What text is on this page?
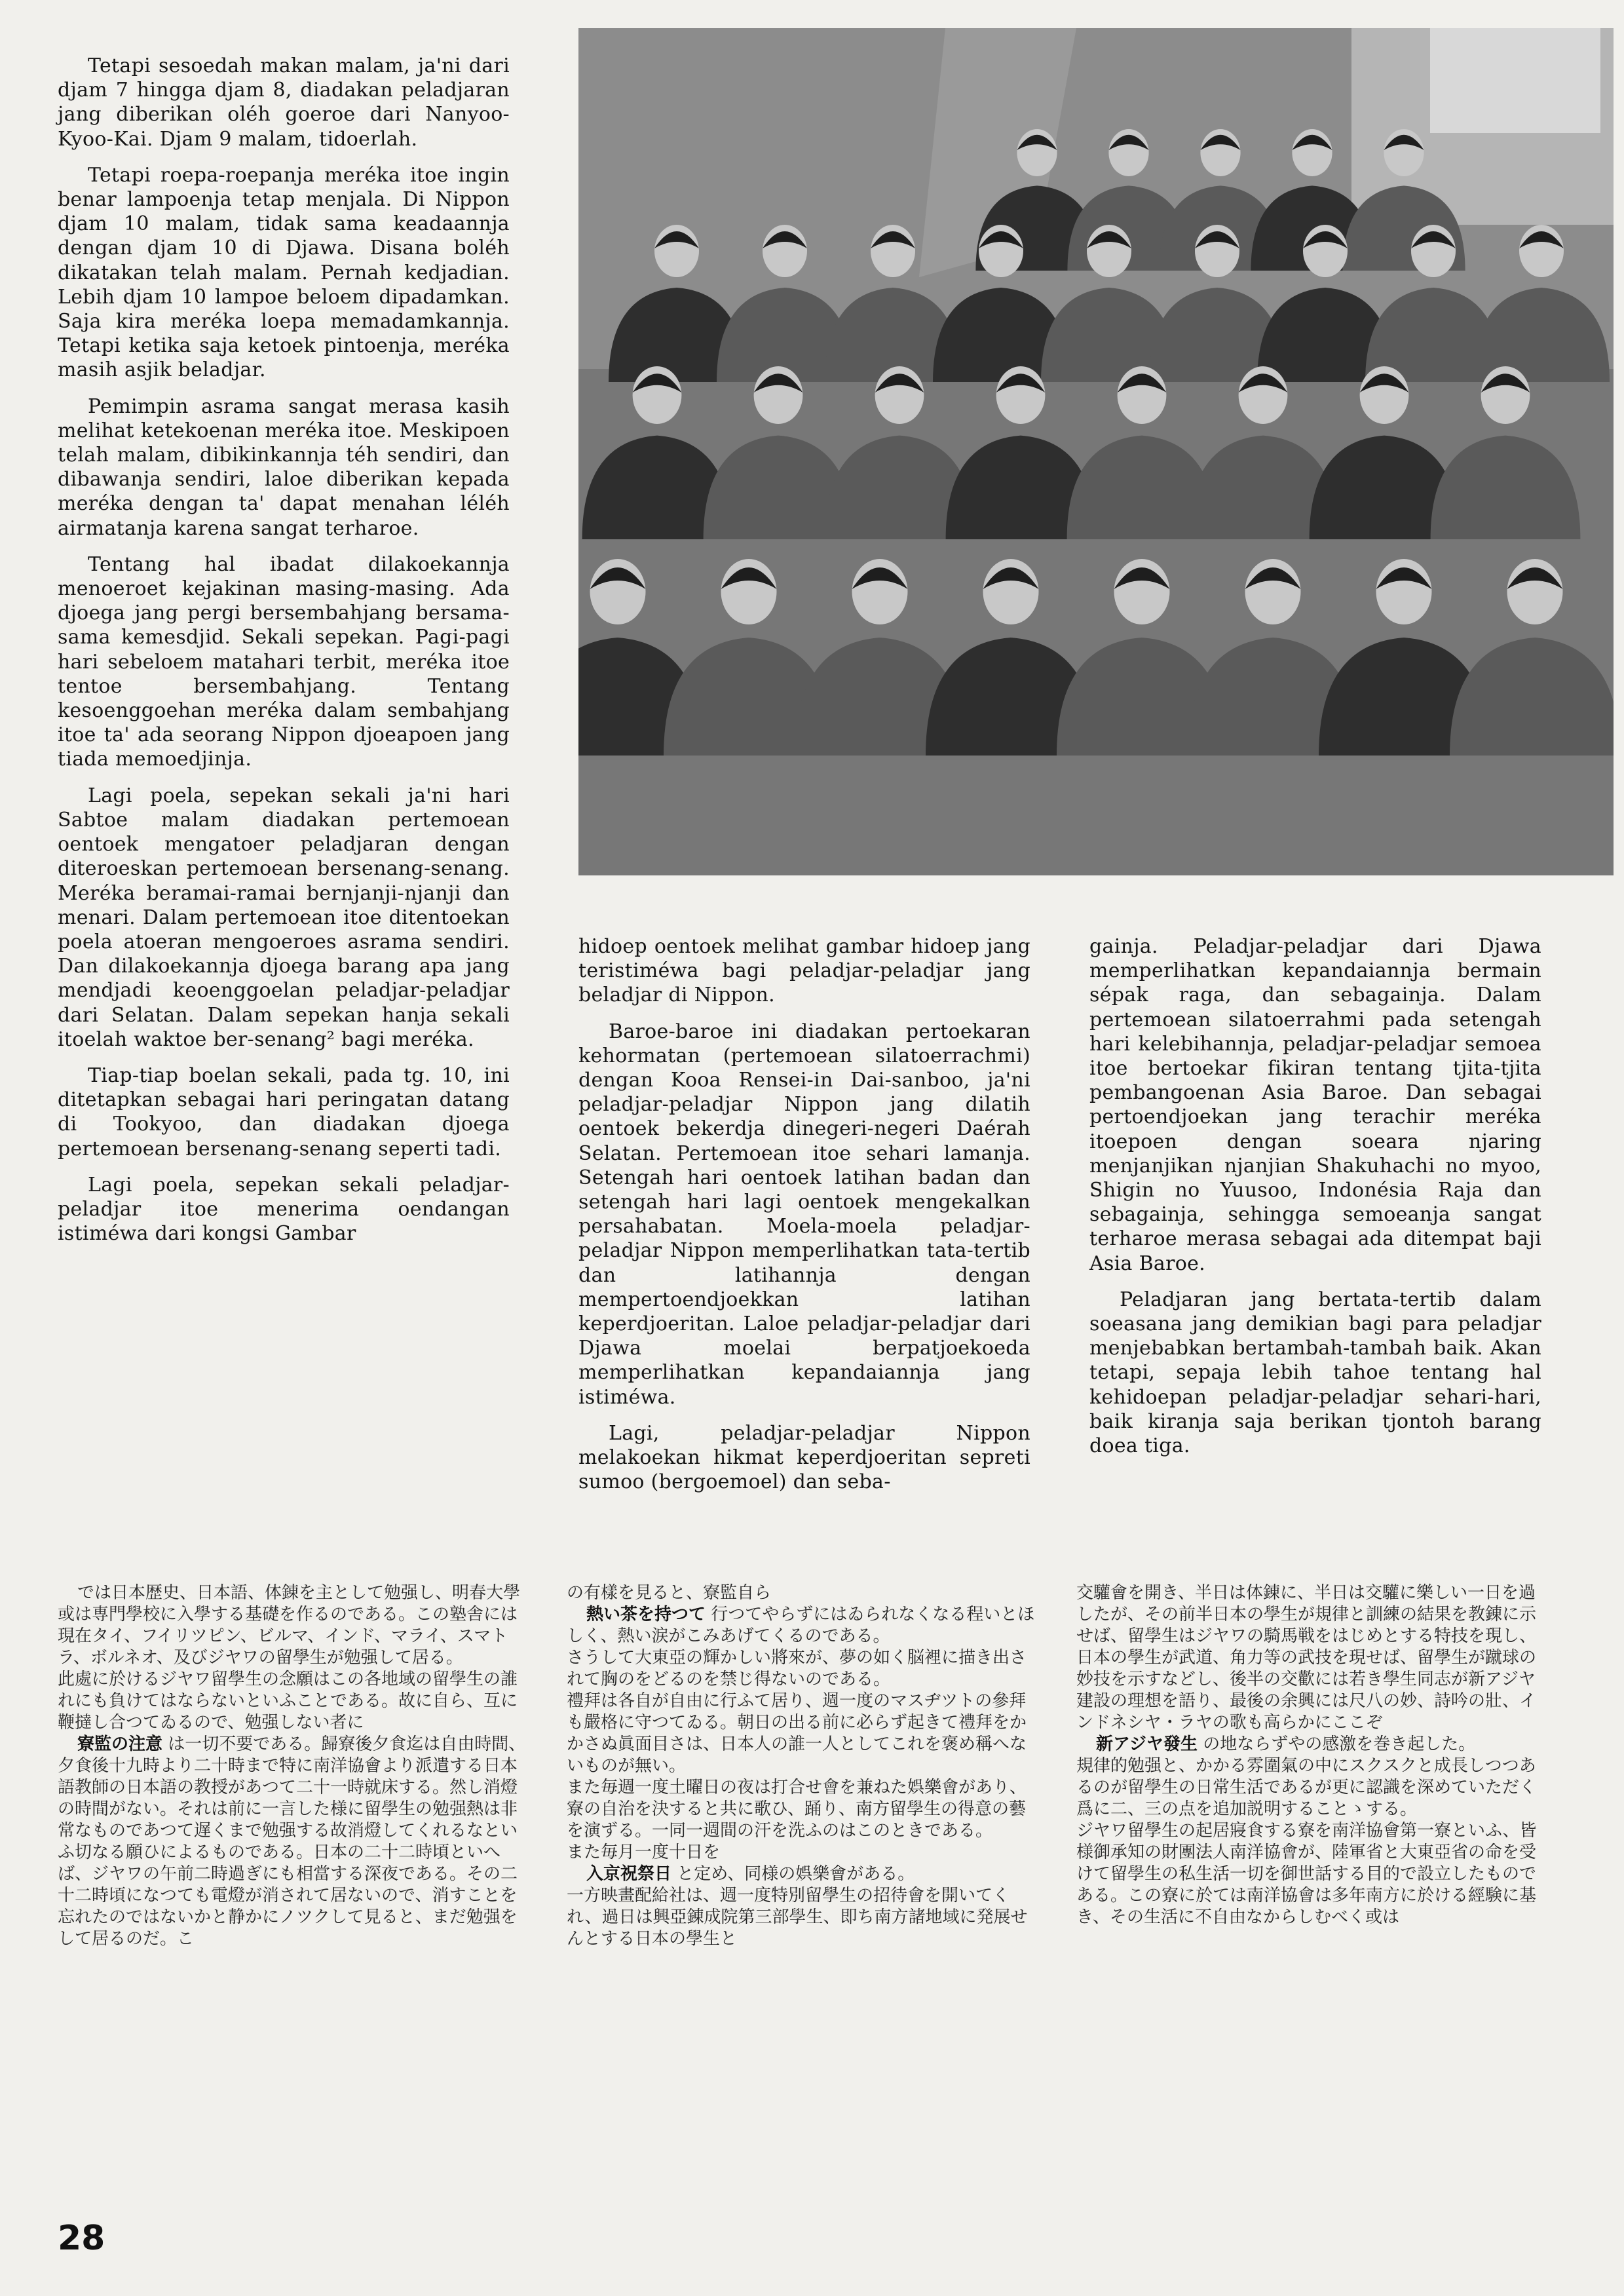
Tetapi sesoedah makan malam, ja'ni dari djam 7 hingga djam 8, diadakan peladjaran jang diberikan oléh goeroe dari Nanyoo-Kyoo-Kai. Djam 9 malam, tidoerlah.

Tetapi roepa-roepanja meréka itoe ingin benar lampoenja tetap menjala. Di Nippon djam 10 malam, tidak sama keadaannja dengan djam 10 di Djawa. Disana boléh dikatakan telah malam. Pernah kedjadian. Lebih djam 10 lampoe beloem dipadamkan. Saja kira meréka loepa memadamkannja. Tetapi ketika saja ketoek pintoenja, meréka masih asjik beladjar.

Pemimpin asrama sangat merasa kasih melihat ketekoenan meréka itoe. Meskipoen telah malam, dibikinkannja téh sendiri, dan dibawanja sendiri, laloe diberikan kepada meréka dengan ta' dapat menahan léléh airmatanja karena sangat terharoe.

Tentang hal ibadat dilakoekannja menoeroet kejakinan masing-masing. Ada djoega jang pergi bersembahjang bersama-sama kemesdjid. Sekali sepekan. Pagi-pagi hari sebeloem matahari terbit, meréka itoe tentoe bersembahjang. Tentang kesoenggoehan meréka dalam sembahjang itoe ta' ada seorang Nippon djoeapoen jang tiada memoedjinja.

Lagi poela, sepekan sekali ja'ni hari Sabtoe malam diadakan pertemoean oentoek mengatoer peladjaran dengan diteroeskan pertemoean bersenang-senang. Meréka beramai-ramai bernjanji-njanji dan menari. Dalam pertemoean itoe ditentoekan poela atoeran mengoeroes asrama sendiri. Dan dilakoekannja djoega barang apa jang mendjadi keoenggoelan peladjar-peladjar dari Selatan. Dalam sepekan hanja sekali itoelah waktoe ber-senang² bagi meréka.

Tiap-tiap boelan sekali, pada tg. 10, ini ditetapkan sebagai hari peringatan datang di Tookyoo, dan diadakan djoega pertemoean bersenang-senang seperti tadi.

Lagi poela, sepekan sekali peladjar-peladjar itoe menerima oendangan istiméwa dari kongsi Gambar

hidoep oentoek melihat gambar hidoep jang teristiméwa bagi peladjar-peladjar jang beladjar di Nippon.

Baroe-baroe ini diadakan pertoekaran kehormatan (pertemoean silatoerrachmi) dengan Kooa Rensei-in Dai-sanboo, ja'ni peladjar-peladjar Nippon jang dilatih oentoek bekerdja dinegeri-negeri Daérah Selatan. Pertemoean itoe sehari lamanja. Setengah hari oentoek latihan badan dan setengah hari lagi oentoek mengekalkan persahabatan. Moela-moela peladjar-peladjar Nippon memperlihatkan tata-tertib dan latihannja dengan mempertoendjoekkan latihan keperdjoeritan. Laloe peladjar-peladjar dari Djawa moelai berpatjoekoeda memperlihatkan kepandaiannja jang istiméwa.

Lagi, peladjar-peladjar Nippon melakoekan hikmat keperdjoeritan sepreti sumoo (bergoemoel) dan seba-

gainja. Peladjar-peladjar dari Djawa memperlihatkan kepandaiannja bermain sépak raga, dan sebagainja. Dalam pertemoean silatoerrahmi pada setengah hari kelebihannja, peladjar-peladjar semoea itoe bertoekar fikiran tentang tjita-tjita pembangoenan Asia Baroe. Dan sebagai pertoendjoekan jang terachir meréka itoepoen dengan soeara njaring menjanjikan njanjian Shakuhachi no myoo, Shigin no Yuusoo, Indonésia Raja dan sebagainja, sehingga semoeanja sangat terharoe merasa sebagai ada ditempat baji Asia Baroe.

Peladjaran jang bertata-tertib dalam soeasana jang demikian bagi para peladjar menjebabkan bertambah-tambah baik. Akan tetapi, sepaja lebih tahoe tentang hal kehidoepan peladjar-peladjar sehari-hari, baik kiranja saja berikan tjontoh barang doea tiga.

では日本歴史、日本語、体錬を主として勉强し、明春大學或は専門學校に入學する基礎を作るのである。この塾舎には現在タイ、フイリツピン、ビルマ、インド、マライ、スマトラ、ボルネオ、及びジヤワの留學生が勉强して居る。

此處に於けるジヤワ留學生の念願はこの各地域の留學生の誰れにも負けてはならないといふことである。故に自ら、互に鞭撻し合つてゐるので、勉强しない者に

寮監の注意 は一切不要である。歸寮後夕食迄は自由時間、夕食後十九時より二十時まで特に南洋協會より派遣する日本語教師の日本語の教授があつて二十一時就床する。然し消燈の時間がない。それは前に一言した様に留學生の勉强熱は非常なものであつて遅くまで勉强する故消燈してくれるなといふ切なる願ひによるものである。日本の二十二時頃といへば、ジヤワの午前二時過ぎにも相當する深夜である。その二十二時頃になつても電燈が消されて居ないので、消すことを忘れたのではないかと静かにノツクして見ると、まだ勉强をして居るのだ。こ

の有樣を見ると、寮監自ら

熱い茶を持つて 行つてやらずにはゐられなくなる程いとほしく、熱い涙がこみあげてくるのである。

さうして大東亞の輝かしい將來が、夢の如く脳裡に描き出されて胸のをどるのを禁じ得ないのである。

禮拜は各自が自由に行ふて居り、週一度のマスヂツトの參拜も嚴格に守つてゐる。朝日の出る前に必らず起きて禮拜をかかさぬ眞面目さは、日本人の誰一人としてこれを褒め稱へないものが無い。

また毎週一度土曜日の夜は打合せ會を兼ねた娯樂會があり、寮の自治を決すると共に歌ひ、踊り、南方留學生の得意の藝を演ずる。一同一週間の汗を洗ふのはこのときである。

また毎月一度十日を

入京祝祭日 と定め、同様の娯樂會がある。

一方映畫配給社は、週一度特別留學生の招待會を開いてくれ、過日は興亞錬成院第三部學生、即ち南方諸地域に発展せんとする日本の學生と

交驩會を開き、半日は体錬に、半日は交驩に樂しい一日を過したが、その前半日本の學生が規律と訓練の結果を教錬に示せば、留學生はジヤワの騎馬戦をはじめとする特技を現し、日本の學生が武道、角力等の武技を現せば、留學生が蹴球の妙技を示すなどし、後半の交歡には若き學生同志が新アジヤ建設の理想を語り、最後の余興には尺八の妙、詩吟の壯、インドネシヤ・ラヤの歌も高らかにここぞ

新アジヤ發生 の地ならずやの感激を巻き起した。

規律的勉强と、かかる雰圍氣の中にスクスクと成長しつつあるのが留學生の日常生活であるが更に認識を深めていただく爲に二、三の点を追加説明することゝする。

ジヤワ留學生の起居寢食する寮を南洋協會第一寮といふ、皆様御承知の財團法人南洋協會が、陸軍省と大東亞省の命を受けて留學生の私生活一切を御世話する目的で設立したものである。この寮に於ては南洋協會は多年南方に於ける經験に基き、その生活に不自由なからしむべく或は

28
